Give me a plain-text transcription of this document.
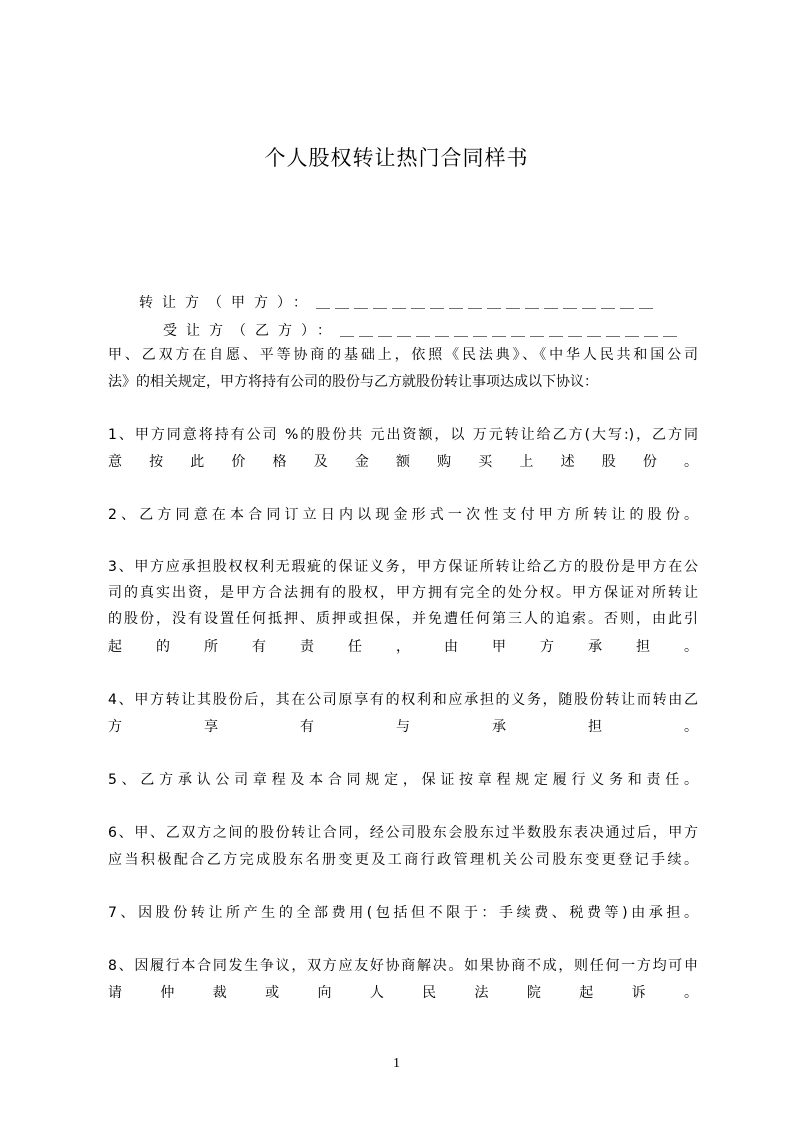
个人股权转让热门合同样书
转让方（甲方）：＿＿＿＿＿＿＿＿＿＿＿＿＿＿＿＿＿＿
受让方（乙方）：＿＿＿＿＿＿＿＿＿＿＿＿＿＿＿＿＿＿
甲、乙双方在自愿、平等协商的基础上，依照《民法典》、《中华人民共和国公司
法》的相关规定，甲方将持有公司的股份与乙方就股份转让事项达成以下协议：
1、甲方同意将持有公司 %的股份共 元出资额，以 万元转让给乙方(大写:)，乙方同
意 按 此 价 格 及 金 额 购 买 上 述 股 份 。
2、乙方同意在本合同订立日内以现金形式一次性支付甲方所转让的股份。
3、甲方应承担股权权利无瑕疵的保证义务，甲方保证所转让给乙方的股份是甲方在公
司的真实出资，是甲方合法拥有的股权，甲方拥有完全的处分权。甲方保证对所转让
的股份，没有设置任何抵押、质押或担保，并免遭任何第三人的追索。否则，由此引
起 的 所 有 责 任 ， 由 甲 方 承 担 。
4、甲方转让其股份后，其在公司原享有的权利和应承担的义务，随股份转让而转由乙
方 享 有 与 承 担 。
5、乙方承认公司章程及本合同规定，保证按章程规定履行义务和责任。
6、甲、乙双方之间的股份转让合同，经公司股东会股东过半数股东表决通过后，甲方
应当积极配合乙方完成股东名册变更及工商行政管理机关公司股东变更登记手续。
7、因股份转让所产生的全部费用(包括但不限于：手续费、税费等)由承担。
8、因履行本合同发生争议，双方应友好协商解决。如果协商不成，则任何一方均可申
请 仲 裁 或 向 人 民 法 院 起 诉 。
1
